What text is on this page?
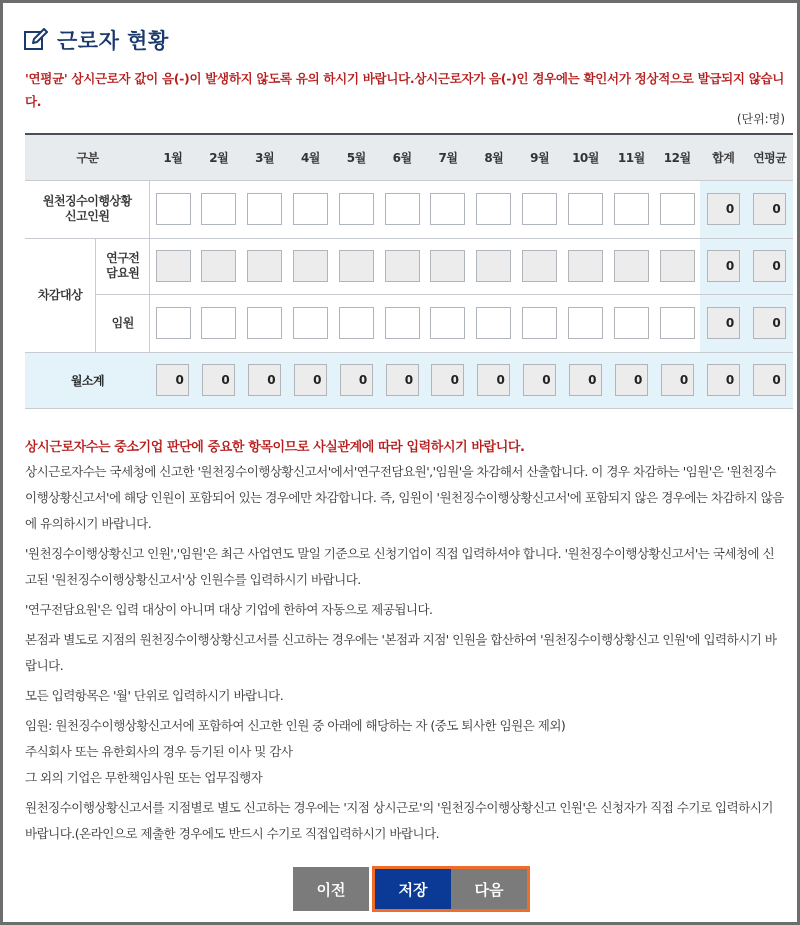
근로자 현황
'연평균' 상시근로자 값이 음(-)이 발생하지 않도록 유의 하시기 바랍니다.상시근로자가 음(-)인 경우에는 확인서가 정상적으로 발급되지 않습니다.
(단위:명)
구분		1월	2월	3월	4월	5월	6월	7월	8월	9월	10월	11월	12월	합계	연평균

원천징수이행상황신고인원														0	0

차감대상	연구전담요원													0	0

	임원													0	0

월소계		0	0	0	0	0	0	0	0	0	0	0	0	0	0
상시근로자수는 중소기업 판단에 중요한 항목이므로 사실관계에 따라 입력하시기 바랍니다.

상시근로자수는 국세청에 신고한 '원천징수이행상황신고서'에서'연구전담요원','임원'을 차감해서 산출합니다. 이 경우 차감하는 '임원'은 '원천징수이행상황신고서'에 해당 인원이 포함되어 있는 경우에만 차감합니다. 즉, 임원이 '원천징수이행상황신고서'에 포함되지 않은 경우에는 차감하지 않음에 유의하시기 바랍니다.

'원천징수이행상황신고 인원','임원'은 최근 사업연도 말일 기준으로 신청기업이 직접 입력하셔야 합니다. '원천징수이행상황신고서'는 국세청에 신고된 '원천징수이행상황신고서'상 인원수를 입력하시기 바랍니다.

'연구전담요원'은 입력 대상이 아니며 대상 기업에 한하여 자동으로 제공됩니다.

본점과 별도로 지점의 원천징수이행상황신고서를 신고하는 경우에는 '본점과 지점' 인원을 합산하여 '원천징수이행상황신고 인원'에 입력하시기 바랍니다.

모든 입력항목은 '월' 단위로 입력하시기 바랍니다.

임원: 원천징수이행상황신고서에 포함하여 신고한 인원 중 아래에 해당하는 자 (중도 퇴사한 임원은 제외)

주식회사 또는 유한회사의 경우 등기된 이사 및 감사

그 외의 기업은 무한책임사원 또는 업무집행자

원천징수이행상황신고서를 지점별로 별도 신고하는 경우에는 '지점 상시근로'의 '원천징수이행상황신고 인원'은 신청자가 직접 수기로 입력하시기 바랍니다.(온라인으로 제출한 경우에도 반드시 수기로 직접입력하시기 바랍니다.

이전	저장	다음
